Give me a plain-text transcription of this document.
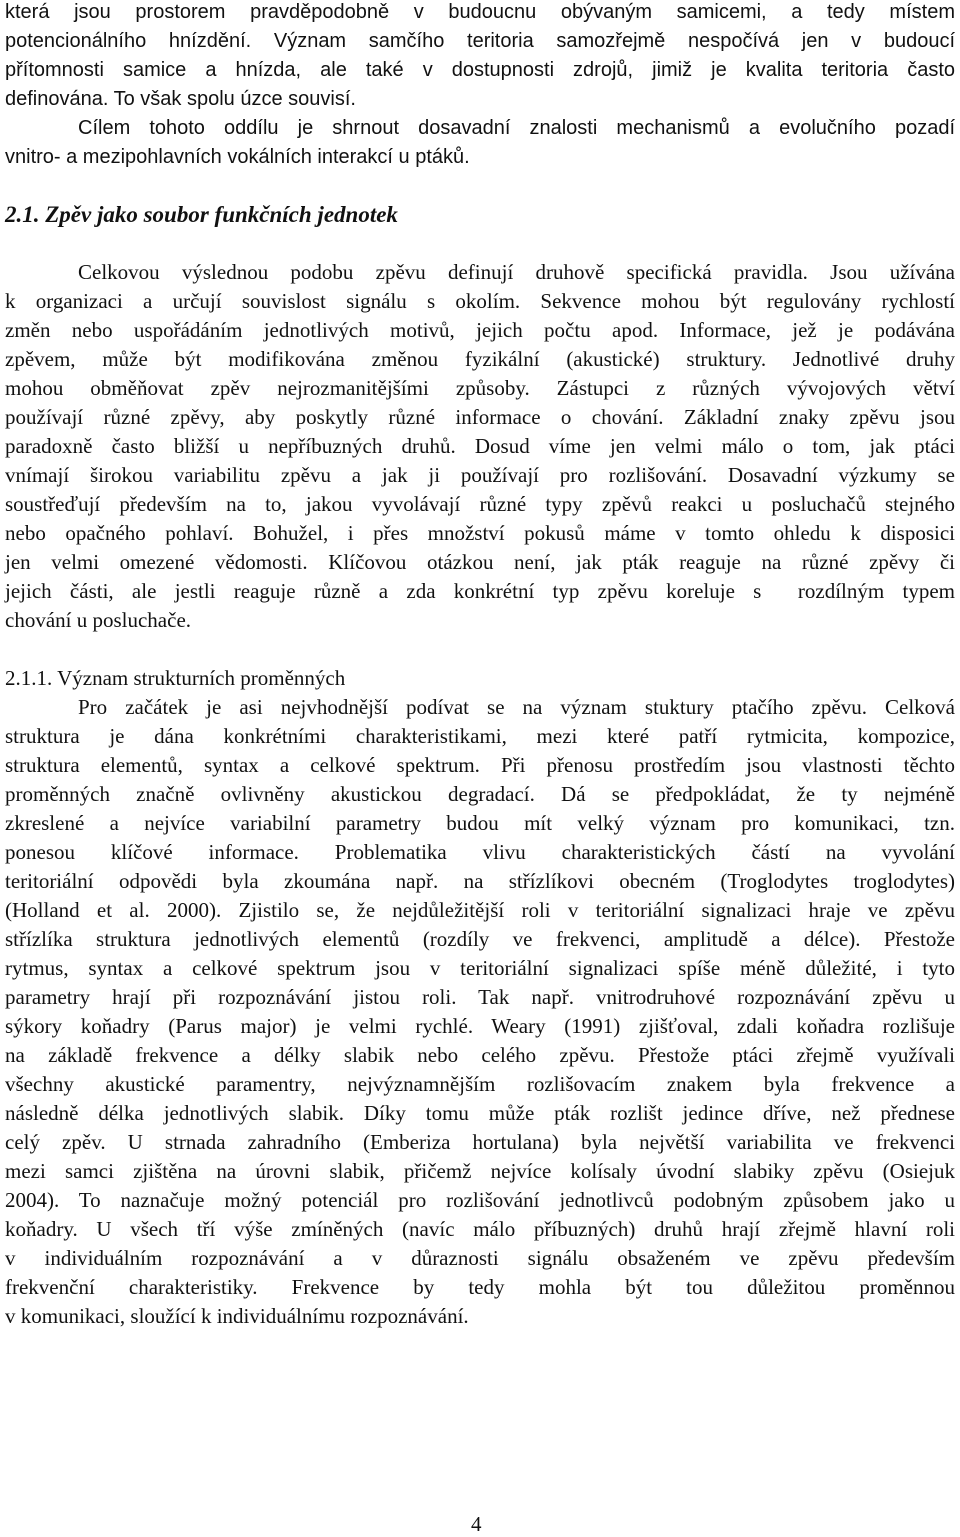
která jsou prostorem pravděpodobně v budoucnu obývaným samicemi, a tedy místem
potencionálního hnízdění. Význam samčího teritoria samozřejmě nespočívá jen v budoucí
přítomnosti samice a hnízda, ale také v dostupnosti zdrojů, jimiž je kvalita teritoria často
definována. To však spolu úzce souvisí.
Cílem tohoto oddílu je shrnout dosavadní znalosti mechanismů a evolučního pozadí
vnitro- a mezipohlavních vokálních interakcí u ptáků.
2.1. Zpěv jako soubor funkčních jednotek
Celkovou výslednou podobu zpěvu definují druhově specifická pravidla. Jsou užívána
k organizaci a určují souvislost signálu s okolím. Sekvence mohou být regulovány rychlostí
změn nebo uspořádáním jednotlivých motivů, jejich počtu apod. Informace, jež je podávána
zpěvem, může být modifikována změnou fyzikální (akustické) struktury. Jednotlivé druhy
mohou obměňovat zpěv nejrozmanitějšími způsoby. Zástupci z různých vývojových větví
používají různé zpěvy, aby poskytly různé informace o chování. Základní znaky zpěvu jsou
paradoxně často bližší u nepříbuzných druhů. Dosud víme jen velmi málo o tom, jak ptáci
vnímají širokou variabilitu zpěvu a jak ji používají pro rozlišování. Dosavadní výzkumy se
soustřeďují především na to, jakou vyvolávají různé typy zpěvů reakci u posluchačů stejného
nebo opačného pohlaví. Bohužel, i přes množství pokusů máme v tomto ohledu k disposici
jen velmi omezené vědomosti. Klíčovou otázkou není, jak pták reaguje na různé zpěvy či
jejich části, ale jestli reaguje různě a zda konkrétní typ zpěvu koreluje s  rozdílným typem
chování u posluchače.
2.1.1. Význam strukturních proměnných
Pro začátek je asi nejvhodnější podívat se na význam stuktury ptačího zpěvu. Celková
struktura je dána konkrétními charakteristikami, mezi které patří rytmicita, kompozice,
struktura elementů, syntax a celkové spektrum. Při přenosu prostředím jsou vlastnosti těchto
proměnných značně ovlivněny akustickou degradací. Dá se předpokládat, že ty nejméně
zkreslené a nejvíce variabilní parametry budou mít velký význam pro komunikaci, tzn.
ponesou klíčové informace. Problematika vlivu charakteristických částí na vyvolání
teritoriální odpovědi byla zkoumána např. na střízlíkovi obecném (Troglodytes troglodytes)
(Holland et al. 2000). Zjistilo se, že nejdůležitější roli v teritoriální signalizaci hraje ve zpěvu
střízlíka struktura jednotlivých elementů (rozdíly ve frekvenci, amplitudě a délce). Přestože
rytmus, syntax a celkové spektrum jsou v teritoriální signalizaci spíše méně důležité, i tyto
parametry hrají při rozpoznávání jistou roli. Tak např. vnitrodruhové rozpoznávání zpěvu u
sýkory koňadry (Parus major) je velmi rychlé. Weary (1991) zjišťoval, zdali koňadra rozlišuje
na základě frekvence a délky slabik nebo celého zpěvu. Přestože ptáci zřejmě využívali
všechny akustické paramentry, nejvýznamnějším rozlišovacím znakem byla frekvence a
následně délka jednotlivých slabik. Díky tomu může pták rozlišt jedince dříve, než přednese
celý zpěv. U strnada zahradního (Emberiza hortulana) byla největší variabilita ve frekvenci
mezi samci zjištěna na úrovni slabik, přičemž nejvíce kolísaly úvodní slabiky zpěvu (Osiejuk
2004). To naznačuje možný potenciál pro rozlišování jednotlivců podobným způsobem jako u
koňadry. U všech tří výše zmíněných (navíc málo příbuzných) druhů hrají zřejmě hlavní roli
v individuálním rozpoznávání a v důraznosti signálu obsaženém ve zpěvu především
frekvenční charakteristiky. Frekvence by tedy mohla být tou důležitou proměnnou
v komunikaci, sloužící k individuálnímu rozpoznávání.
4
